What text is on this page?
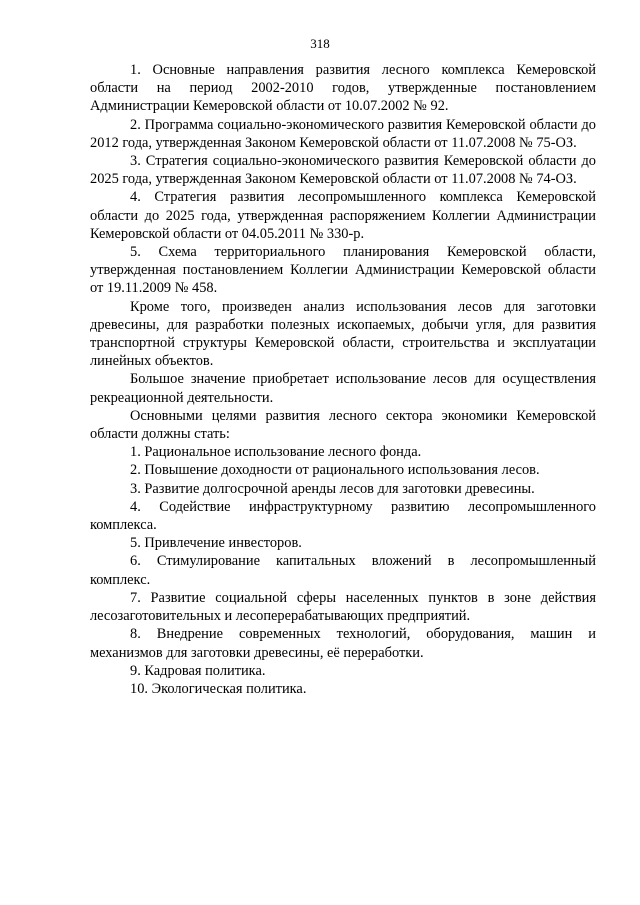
318

1. Основные направления развития лесного комплекса Кемеровской области на период 2002-2010 годов, утвержденные постановлением Администрации Кемеровской области от 10.07.2002 № 92.

2. Программа социально-экономического развития Кемеровской области до 2012 года, утвержденная Законом Кемеровской области от 11.07.2008 № 75-ОЗ.

3. Стратегия социально-экономического развития Кемеровской области до 2025 года, утвержденная Законом Кемеровской области от 11.07.2008 № 74-ОЗ.

4. Стратегия развития лесопромышленного комплекса Кемеровской области до 2025 года, утвержденная распоряжением Коллегии Администрации Кемеровской области от 04.05.2011 № 330-р.

5. Схема территориального планирования Кемеровской области, утвержденная постановлением Коллегии Администрации Кемеровской области от 19.11.2009 № 458.

Кроме того, произведен анализ использования лесов для заготовки древесины, для разработки полезных ископаемых, добычи угля, для развития транспортной структуры Кемеровской области, строительства и эксплуатации линейных объектов.

Большое значение приобретает использование лесов для осуществления рекреационной деятельности.

Основными целями развития лесного сектора экономики Кемеровской области должны стать:

1. Рациональное использование лесного фонда.

2. Повышение доходности от рационального использования лесов.

3. Развитие долгосрочной аренды лесов для заготовки древесины.

4. Содействие инфраструктурному развитию лесопромышленного комплекса.

5. Привлечение инвесторов.

6. Стимулирование капитальных вложений в лесопромышленный комплекс.

7. Развитие социальной сферы населенных пунктов в зоне действия лесозаготовительных и лесоперерабатывающих предприятий.

8. Внедрение современных технологий, оборудования, машин и механизмов для заготовки древесины, её переработки.

9. Кадровая политика.

10. Экологическая политика.
